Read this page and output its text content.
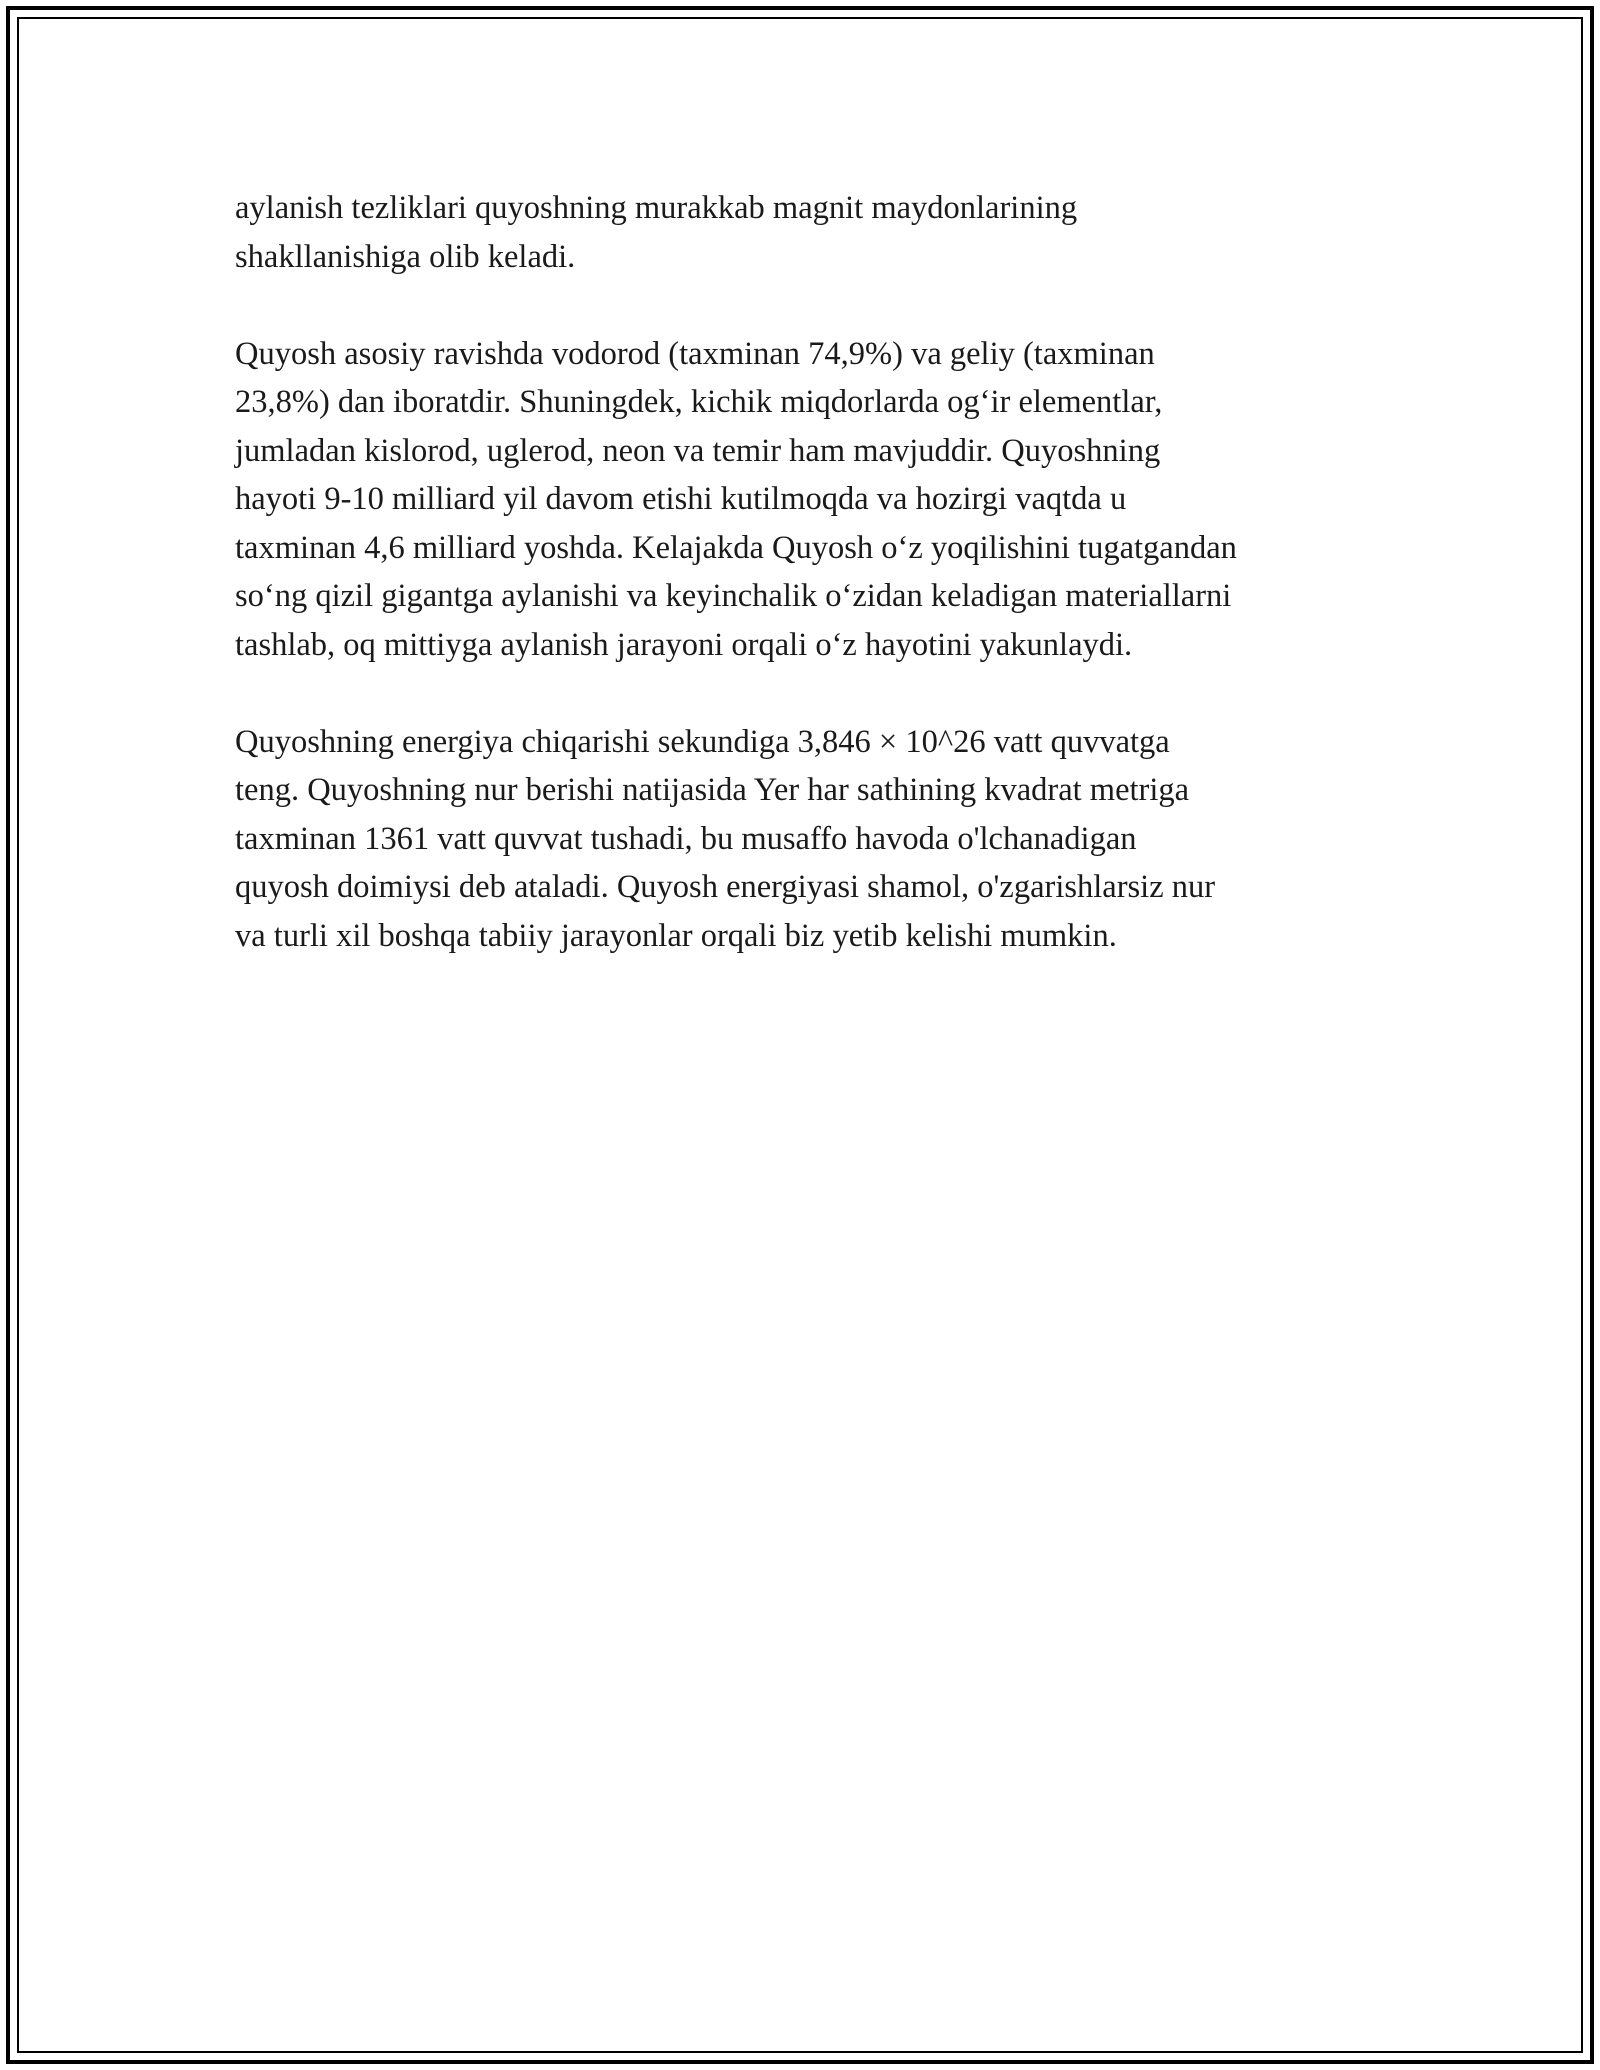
aylanish tezliklari quyoshning murakkab magnit maydonlarining
shakllanishiga olib keladi.

Quyosh asosiy ravishda vodorod (taxminan 74,9%) va geliy (taxminan
23,8%) dan iboratdir. Shuningdek, kichik miqdorlarda ogʻir elementlar,
jumladan kislorod, uglerod, neon va temir ham mavjuddir. Quyoshning
hayoti 9-10 milliard yil davom etishi kutilmoqda va hozirgi vaqtda u
taxminan 4,6 milliard yoshda. Kelajakda Quyosh oʻz yoqilishini tugatgandan
soʻng qizil gigantga aylanishi va keyinchalik oʻzidan keladigan materiallarni
tashlab, oq mittiyga aylanish jarayoni orqali oʻz hayotini yakunlaydi.

Quyoshning energiya chiqarishi sekundiga 3,846 × 10^26 vatt quvvatga
teng. Quyoshning nur berishi natijasida Yer har sathining kvadrat metriga
taxminan 1361 vatt quvvat tushadi, bu musaffo havoda o'lchanadigan
quyosh doimiysi deb ataladi. Quyosh energiyasi shamol, o'zgarishlarsiz nur
va turli xil boshqa tabiiy jarayonlar orqali biz yetib kelishi mumkin.
